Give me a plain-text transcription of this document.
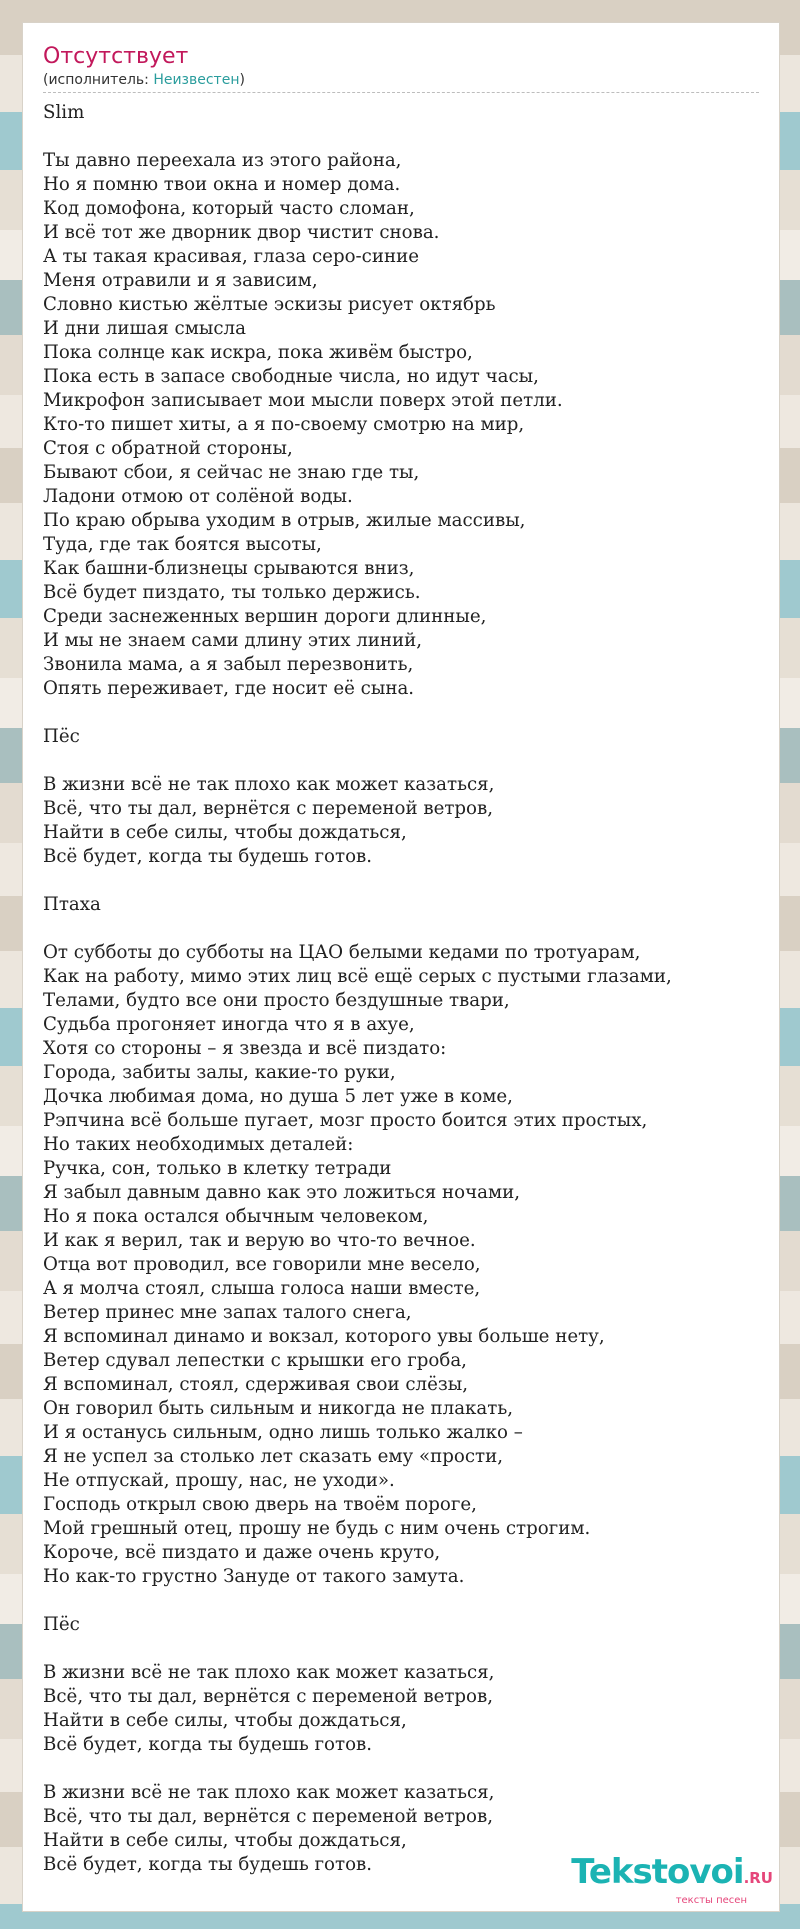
Отсутствует
(исполнитель: Неизвестен)
Slim
Ты давно переехала из этого района,
Но я помню твои окна и номер дома.
Код домофона, который часто сломан,
И всё тот же дворник двор чистит снова.
А ты такая красивая, глаза серо-синие
Меня отравили и я зависим,
Словно кистью жёлтые эскизы рисует октябрь
И дни лишая смысла
Пока солнце как искра, пока живём быстро,
Пока есть в запасе свободные числа, но идут часы,
Микрофон записывает мои мысли поверх этой петли.
Кто-то пишет хиты, а я по-своему смотрю на мир,
Стоя с обратной стороны,
Бывают сбои, я сейчас не знаю где ты,
Ладони отмою от солёной воды.
По краю обрыва уходим в отрыв, жилые массивы,
Туда, где так боятся высоты,
Как башни-близнецы срываются вниз,
Всё будет пиздато, ты только держись.
Среди заснеженных вершин дороги длинные,
И мы не знаем сами длину этих линий,
Звонила мама, а я забыл перезвонить,
Опять переживает, где носит её сына.
Пёс
В жизни всё не так плохо как может казаться,
Всё, что ты дал, вернётся с переменой ветров,
Найти в себе силы, чтобы дождаться,
Всё будет, когда ты будешь готов.
Птаха
От субботы до субботы на ЦАО белыми кедами по тротуарам,
Как на работу, мимо этих лиц всё ещё серых с пустыми глазами,
Телами, будто все они просто бездушные твари,
Судьба прогоняет иногда что я в ахуе,
Хотя со стороны – я звезда и всё пиздато:
Города, забиты залы, какие-то руки,
Дочка любимая дома, но душа 5 лет уже в коме,
Рэпчина всё больше пугает, мозг просто боится этих простых,
Но таких необходимых деталей:
Ручка, сон, только в клетку тетради
Я забыл давным давно как это ложиться ночами,
Но я пока остался обычным человеком,
И как я верил, так и верую во что-то вечное.
Отца вот проводил, все говорили мне весело,
А я молча стоял, слыша голоса наши вместе,
Ветер принес мне запах талого снега,
Я вспоминал динамо и вокзал, которого увы больше нету,
Ветер сдувал лепестки с крышки его гроба,
Я вспоминал, стоял, сдерживая свои слёзы,
Он говорил быть сильным и никогда не плакать,
И я останусь сильным, одно лишь только жалко –
Я не успел за столько лет сказать ему «прости,
Не отпускай, прошу, нас, не уходи».
Господь открыл свою дверь на твоём пороге,
Мой грешный отец, прошу не будь с ним очень строгим.
Короче, всё пиздато и даже очень круто,
Но как-то грустно Зануде от такого замута.
Пёс
В жизни всё не так плохо как может казаться,
Всё, что ты дал, вернётся с переменой ветров,
Найти в себе силы, чтобы дождаться,
Всё будет, когда ты будешь готов.
В жизни всё не так плохо как может казаться,
Всё, что ты дал, вернётся с переменой ветров,
Найти в себе силы, чтобы дождаться,
Всё будет, когда ты будешь готов.	Tekstovoi.RU
тексты песен
